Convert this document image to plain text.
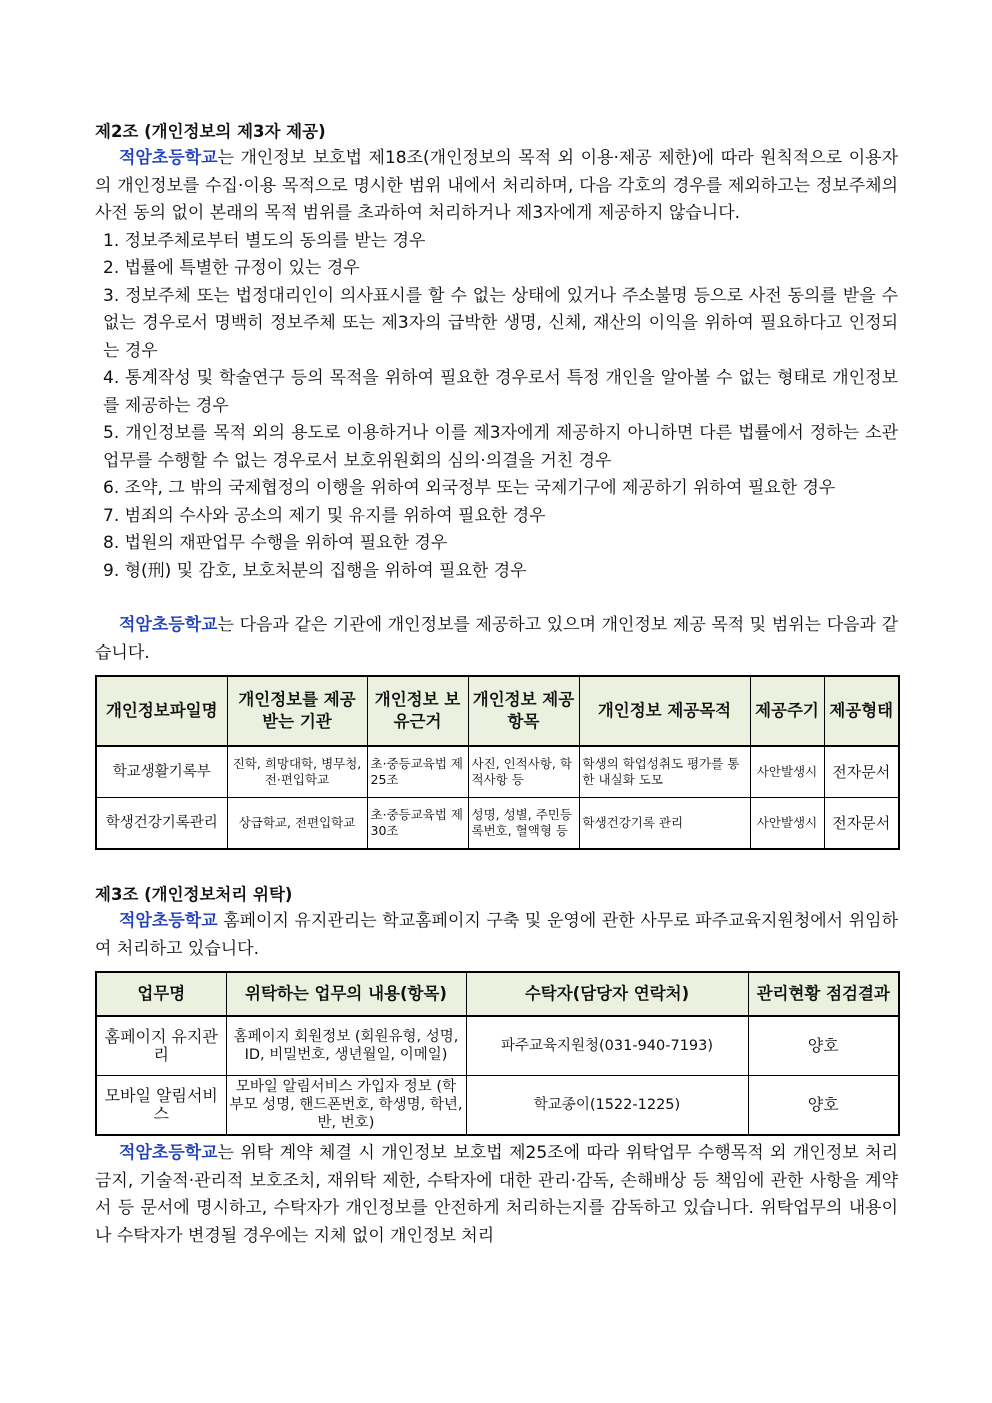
제2조 (개인정보의 제3자 제공)
적암초등학교는 개인정보 보호법 제18조(개인정보의 목적 외 이용·제공 제한)에 따라 원칙적으로 이용자의 개인정보를 수집·이용 목적으로 명시한 범위 내에서 처리하며, 다음 각호의 경우를 제외하고는 정보주체의 사전 동의 없이 본래의 목적 범위를 초과하여 처리하거나 제3자에게 제공하지 않습니다.
1. 정보주체로부터 별도의 동의를 받는 경우
2. 법률에 특별한 규정이 있는 경우
3. 정보주체 또는 법정대리인이 의사표시를 할 수 없는 상태에 있거나 주소불명 등으로 사전 동의를 받을 수 없는 경우로서 명백히 정보주체 또는 제3자의 급박한 생명, 신체, 재산의 이익을 위하여 필요하다고 인정되는 경우
4. 통계작성 및 학술연구 등의 목적을 위하여 필요한 경우로서 특정 개인을 알아볼 수 없는 형태로 개인정보를 제공하는 경우
5. 개인정보를 목적 외의 용도로 이용하거나 이를 제3자에게 제공하지 아니하면 다른 법률에서 정하는 소관 업무를 수행할 수 없는 경우로서 보호위원회의 심의·의결을 거친 경우
6. 조약, 그 밖의 국제협정의 이행을 위하여 외국정부 또는 국제기구에 제공하기 위하여 필요한 경우
7. 범죄의 수사와 공소의 제기 및 유지를 위하여 필요한 경우
8. 법원의 재판업무 수행을 위하여 필요한 경우
9. 형(刑) 및 감호, 보호처분의 집행을 위하여 필요한 경우
적암초등학교는 다음과 같은 기관에 개인정보를 제공하고 있으며 개인정보 제공 목적 및 범위는 다음과 같습니다.
개인정보파일명	개인정보를 제공받는 기관	개인정보 보유근거	개인정보 제공항목	개인정보 제공목적	제공주기	제공형태
학교생활기록부	진학, 희망대학, 병무청, 전·편입학교	초·중등교육법 제25조	사진, 인적사항, 학적사항 등	학생의 학업성취도 평가를 통한 내실화 도모	사안발생시	전자문서
학생건강기록관리	상급학교, 전편입학교	초·중등교육법 제30조	성명, 성별, 주민등록번호, 혈액형 등	학생건강기록 관리	사안발생시	전자문서
제3조 (개인정보처리 위탁)
적암초등학교 홈페이지 유지관리는 학교홈페이지 구축 및 운영에 관한 사무로 파주교육지원청에서 위임하여 처리하고 있습니다.
업무명	위탁하는 업무의 내용(항목)	수탁자(담당자 연락처)	관리현황 점검결과
홈페이지 유지관리	홈페이지 회원정보 (회원유형, 성명, ID, 비밀번호, 생년월일, 이메일)	파주교육지원청(031-940-7193)	양호
모바일 알림서비스	모바일 알림서비스 가입자 정보 (학부모 성명, 핸드폰번호, 학생명, 학년, 반, 번호)	학교종이(1522-1225)	양호
적암초등학교는 위탁 계약 체결 시 개인정보 보호법 제25조에 따라 위탁업무 수행목적 외 개인정보 처리금지, 기술적·관리적 보호조치, 재위탁 제한, 수탁자에 대한 관리·감독, 손해배상 등 책임에 관한 사항을 계약서 등 문서에 명시하고, 수탁자가 개인정보를 안전하게 처리하는지를 감독하고 있습니다. 위탁업무의 내용이나 수탁자가 변경될 경우에는 지체 없이 개인정보 처리
